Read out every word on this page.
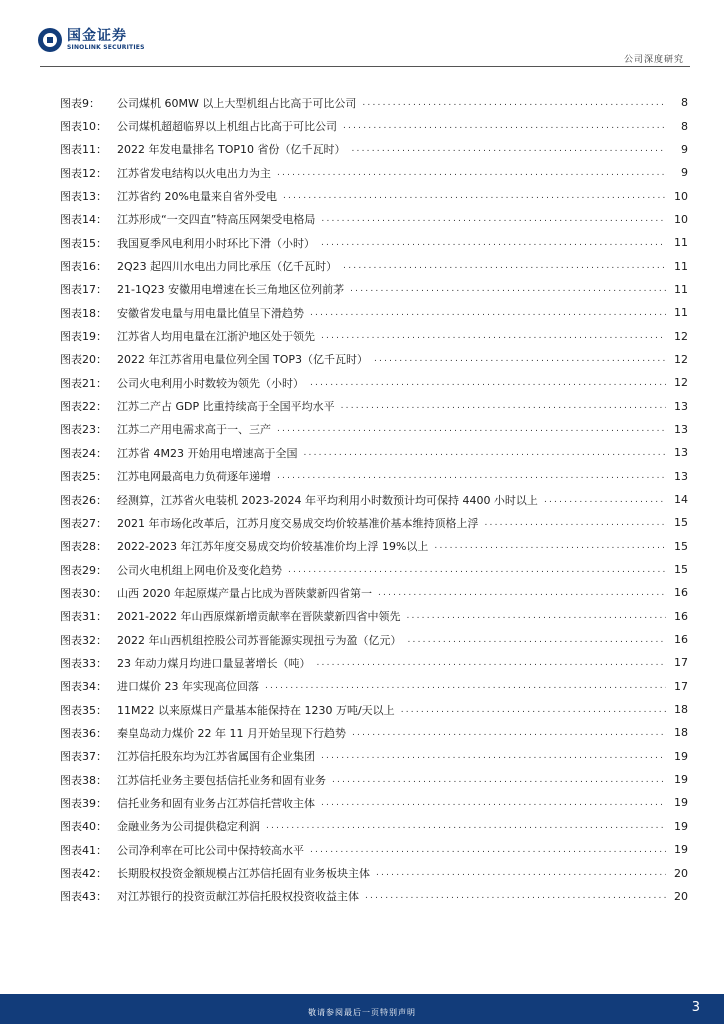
国金证券
SINOLINK SECURITIES
公司深度研究
图表9：	公司煤机 60MW 以上大型机组占比高于可比公司 .....	8
图表10： 公司煤机超超临界以上机组占比高于可比公司 .....	8
图表11： 2022 年发电量排名 TOP10 省份（亿千瓦时） .....	9
图表12： 江苏省发电结构以火电出力为主 .....	9
图表13： 江苏省约 20%电量来自省外受电 .....	10
图表14： 江苏形成“一交四直”特高压网架受电格局 .....	10
图表15： 我国夏季风电利用小时环比下滑（小时） .....	11
图表16： 2Q23 起四川水电出力同比承压（亿千瓦时） .....	11
图表17： 21-1Q23 安徽用电增速在长三角地区位列前茅 .....	11
图表18： 安徽省发电量与用电量比值呈下滑趋势 .....	11
图表19： 江苏省人均用电量在江浙沪地区处于领先 .....	12
图表20： 2022 年江苏省用电量位列全国 TOP3（亿千瓦时） .....	12
图表21： 公司火电利用小时数较为领先（小时） .....	12
图表22： 江苏二产占 GDP 比重持续高于全国平均水平 .....	13
图表23： 江苏二产用电需求高于一、三产 .....	13
图表24： 江苏省 4M23 开始用电增速高于全国 .....	13
图表25： 江苏电网最高电力负荷逐年递增 .....	13
图表26： 经测算，江苏省火电装机 2023-2024 年平均利用小时数预计均可保持 4400 小时以上 .....	14
图表27： 2021 年市场化改革后，江苏月度交易成交均价较基准价基本维持顶格上浮 .....	15
图表28： 2022-2023 年江苏年度交易成交均价较基准价均上浮 19%以上 .....	15
图表29： 公司火电机组上网电价及变化趋势 .....	15
图表30： 山西 2020 年起原煤产量占比成为晋陕蒙新四省第一 .....	16
图表31： 2021-2022 年山西原煤新增贡献率在晋陕蒙新四省中领先 .....	16
图表32： 2022 年山西机组控股公司苏晋能源实现扭亏为盈（亿元） .....	16
图表33： 23 年动力煤月均进口量显著增长（吨） .....	17
图表34： 进口煤价 23 年实现高位回落 .....	17
图表35： 11M22 以来原煤日产量基本能保持在 1230 万吨/天以上 .....	18
图表36： 秦皇岛动力煤价 22 年 11 月开始呈现下行趋势 .....	18
图表37： 江苏信托股东均为江苏省属国有企业集团 .....	19
图表38： 江苏信托业务主要包括信托业务和固有业务 .....	19
图表39： 信托业务和固有业务占江苏信托营收主体 .....	19
图表40： 金融业务为公司提供稳定利润 .....	19
图表41： 公司净利率在可比公司中保持较高水平 .....	19
图表42： 长期股权投资金额规模占江苏信托固有业务板块主体 .....	20
图表43： 对江苏银行的投资贡献江苏信托股权投资收益主体 .....	20
敬请参阅最后一页特别声明	3
